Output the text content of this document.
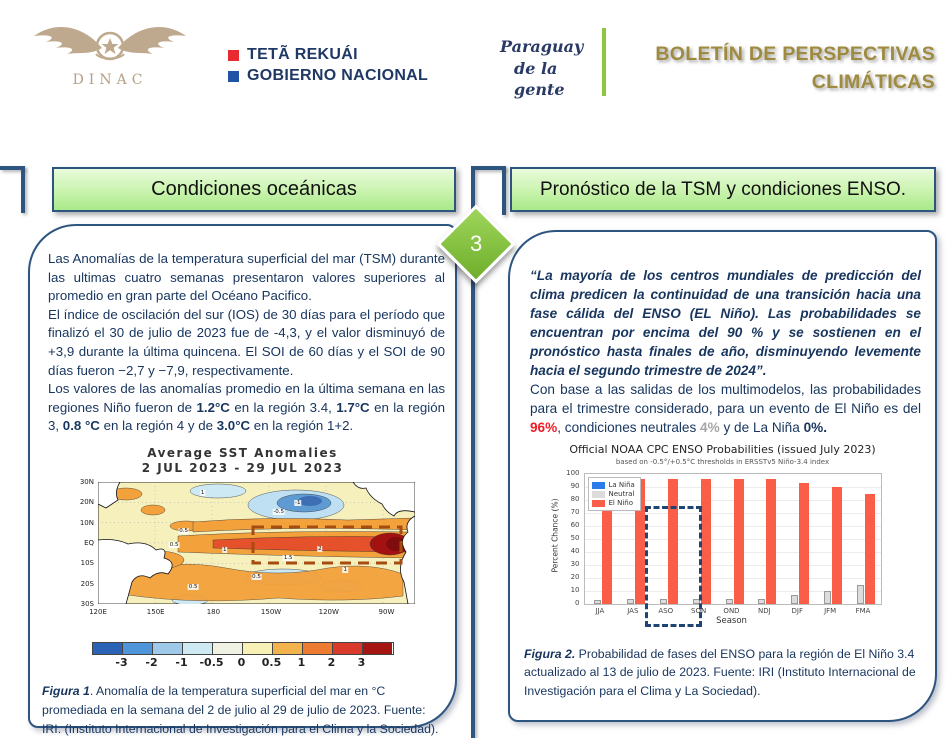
DINAC
TETÃ REKUÁI
GOBIERNO NACIONAL
Paraguay
de la gente
BOLETÍN DE PERSPECTIVAS
CLIMÁTICAS
3
Condiciones oceánicas	Pronóstico de la TSM y condiciones ENSO.

Las Anomalías de la temperatura superficial del mar (TSM) durante las ultimas cuatro semanas presentaron valores superiores al promedio en gran parte del Océano Pacifico.

El índice de oscilación del sur (IOS) de 30 días para el período que finalizó el 30 de julio de 2023 fue de -4,3, y el valor disminuyó de +3,9 durante la última quincena. El SOI de 60 días y el SOI de 90 días fueron −2,7 y −7,9, respectivamente.

Los valores de las anomalías promedio en la última semana en las regiones Niño fueron de 1.2°C en la región 3.4, 1.7°C en la región 3, 0.8 °C en la región 4 y de 3.0°C en la región 1+2.

Average SST Anomalies
2 JUL 2023 - 29 JUL 2023
30N
20N
10N
EQ
10S
20S
30S
120E	150E	180	150W	120W	90W
1
-0.5
-1
0.5
0.5
1
1.5
2
0.5
1
0.5
-3 -2 -1 -0.5 0 0.5 1 2 3
Figura 1. Anomalía de la temperatura superficial del mar en °C promediada en la semana del 2 de julio al 29 de julio de 2023. Fuente: IRI. (Instituto Internacional de Investigación para el Clima y la Sociedad).
“La mayoría de los centros mundiales de predicción del clima predicen la continuidad de una transición hacia una fase cálida del ENSO (EL Niño). Las probabilidades se encuentran por encima del 90 % y se sostienen en el pronóstico hasta finales de año, disminuyendo levemente hacia el segundo trimestre de 2024”.
Con base a las salidas de los multimodelos, las probabilidades para el trimestre considerado, para un evento de El Niño es del 96%, condiciones neutrales 4% y de La Niña 0%.
Official NOAA CPC ENSO Probabilities (issued July 2023)
based on -0.5°/+0.5°C thresholds in ERSSTv5 Niño-3.4 index
Percent Chance (%)
La Niña
Neutral
El Niño
Season
0
10
20
30
40
50
60
70
80
90
100
JJA	JAS	ASO	SON OND	NDJ	DJF	JFM	FMA
Figura 2. Probabilidad de fases del ENSO para la región de El Niño 3.4 actualizado al 13 de julio de 2023. Fuente: IRI (Instituto Internacional de Investigación para el Clima y La Sociedad).
